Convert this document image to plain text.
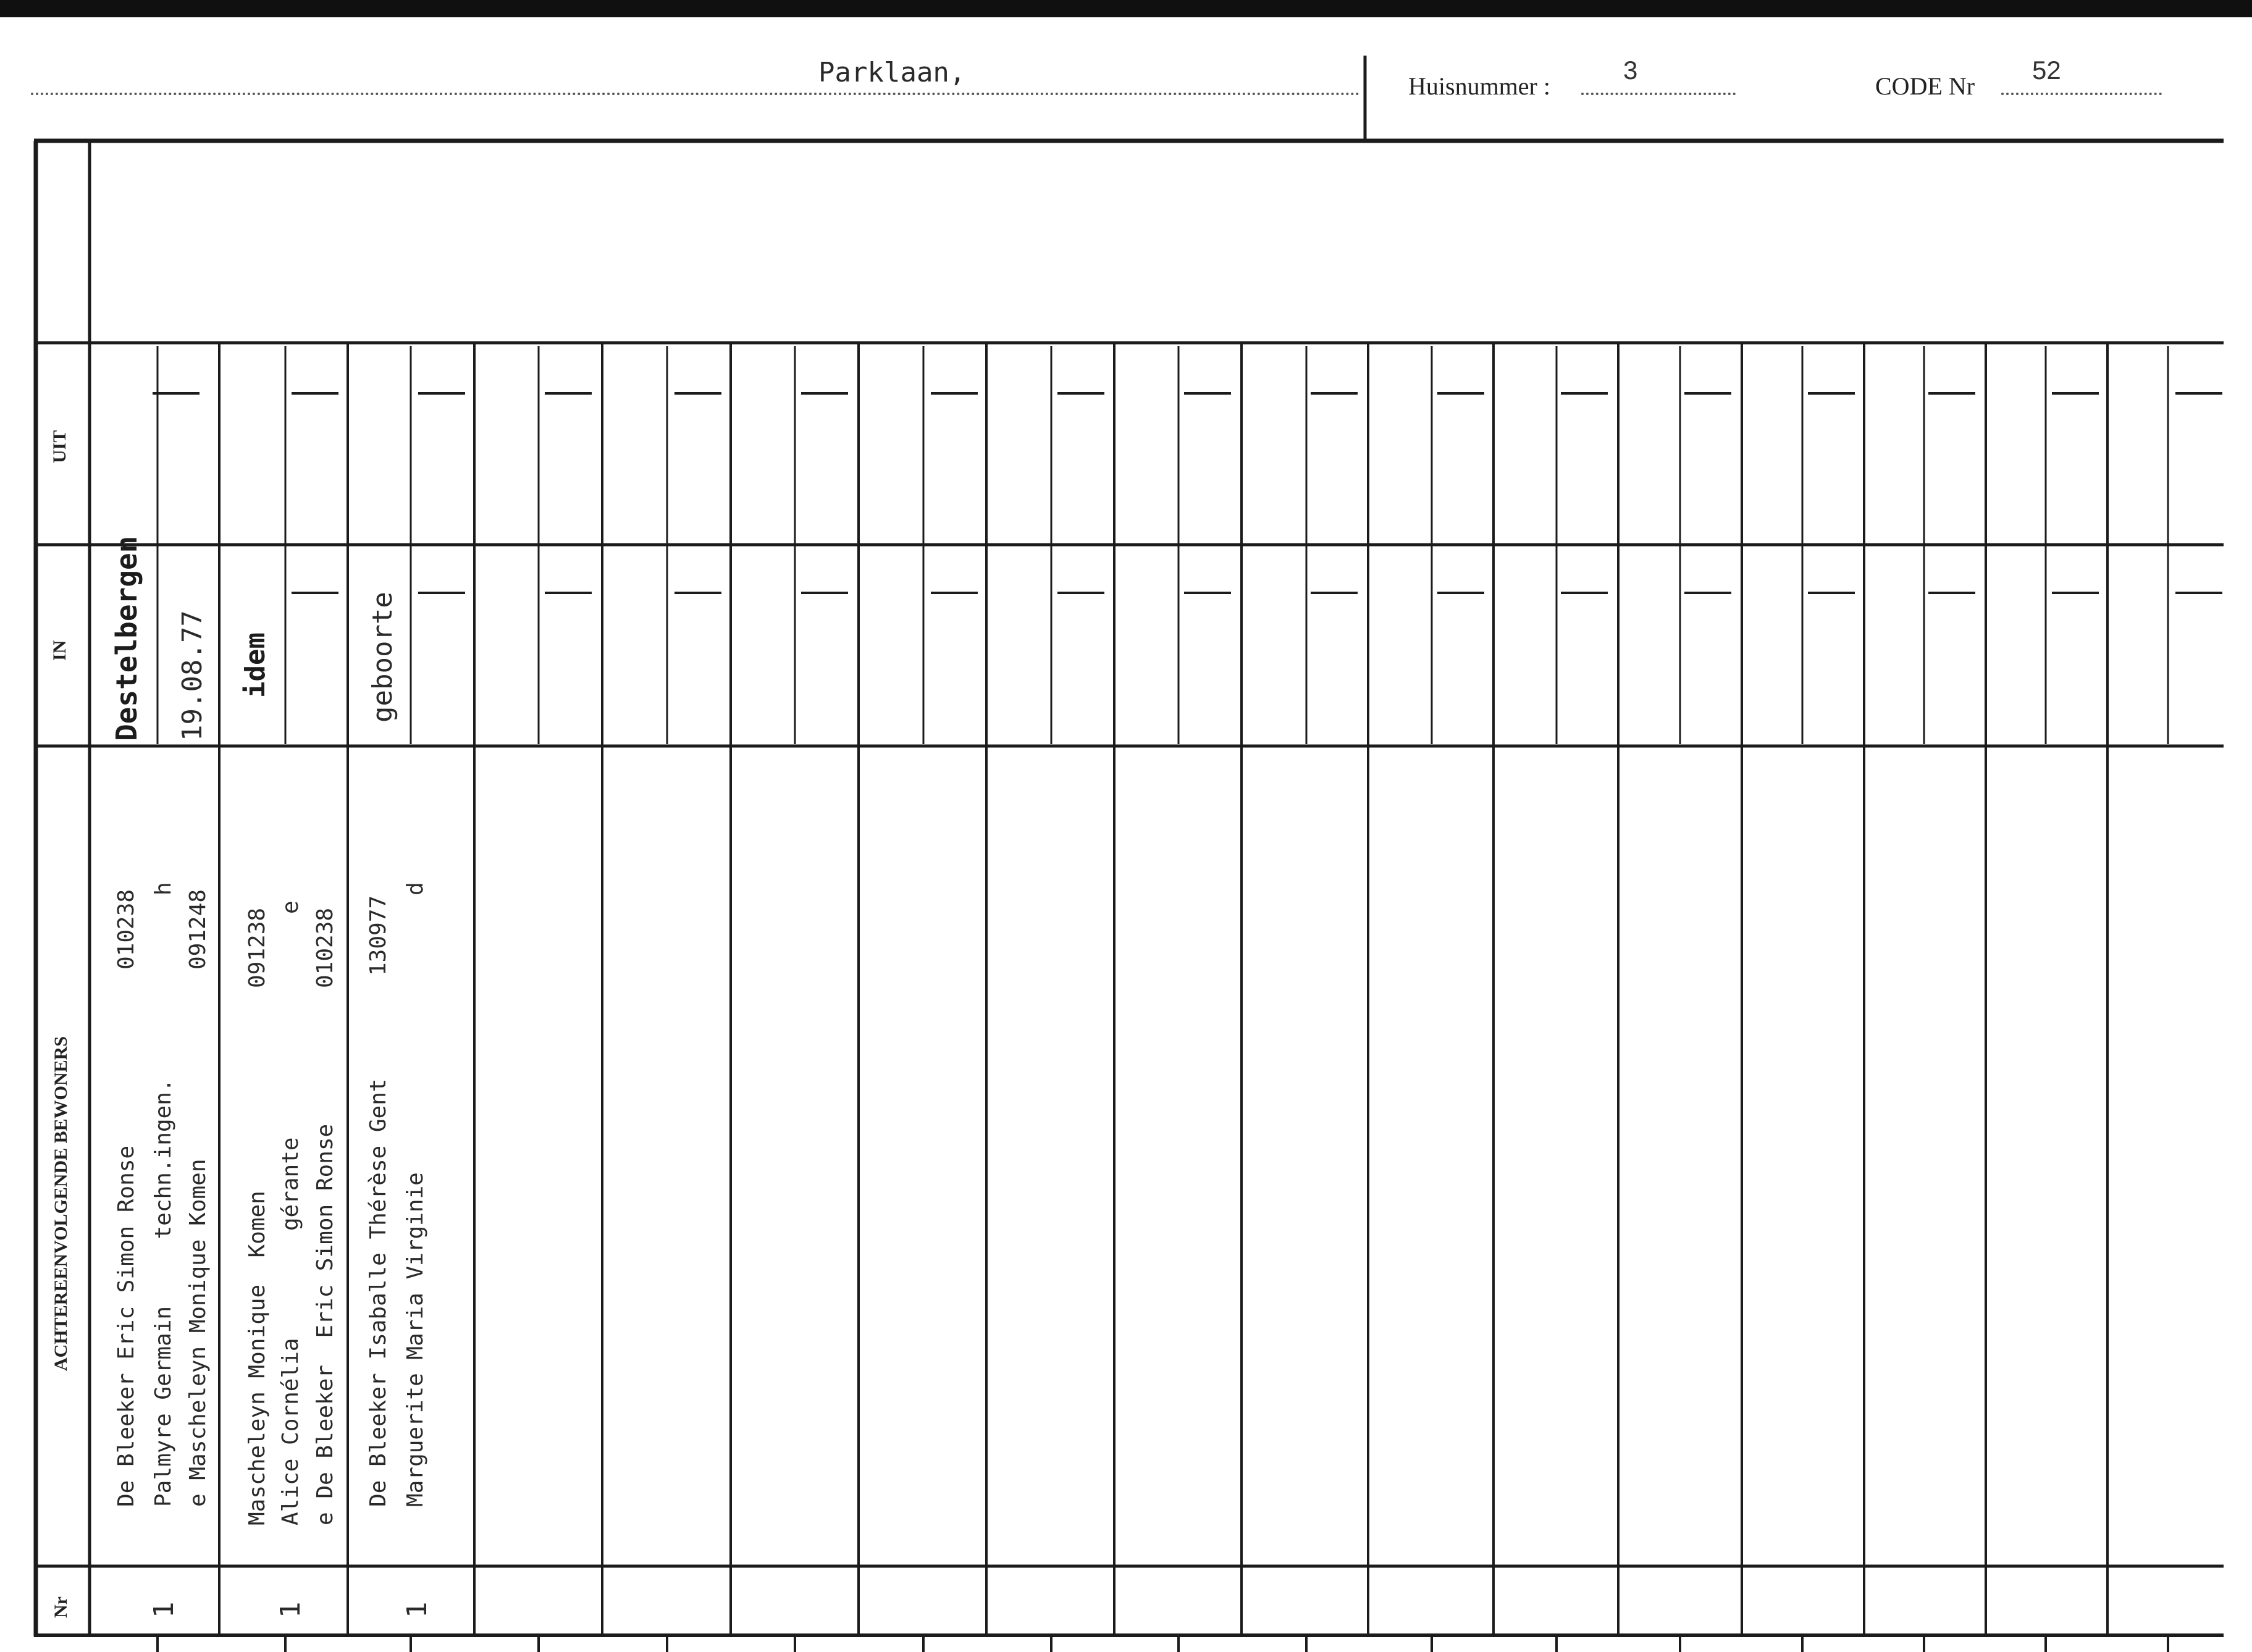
Parklaan,	Huisnummer :
3
CODE Nr
52
UIT
IN
ACHTEREENVOLGENDE BEWONERS
Nr
Destelbergen 19.08.77
De Bleeker Eric Simon Ronse Palmyre Germain     techn.ingen. e Mascheleyn Monique Komen
010238
h
091248
1
idem
Mascheleyn Monique  Komen Alice Cornélia        gérante e De Bleeker  Eric Simon Ronse
091238
e
010238
1
geboorte
De Bleeker Isaballe Thérèse Gent Marguerite Maria Virginie
130977
d
1
